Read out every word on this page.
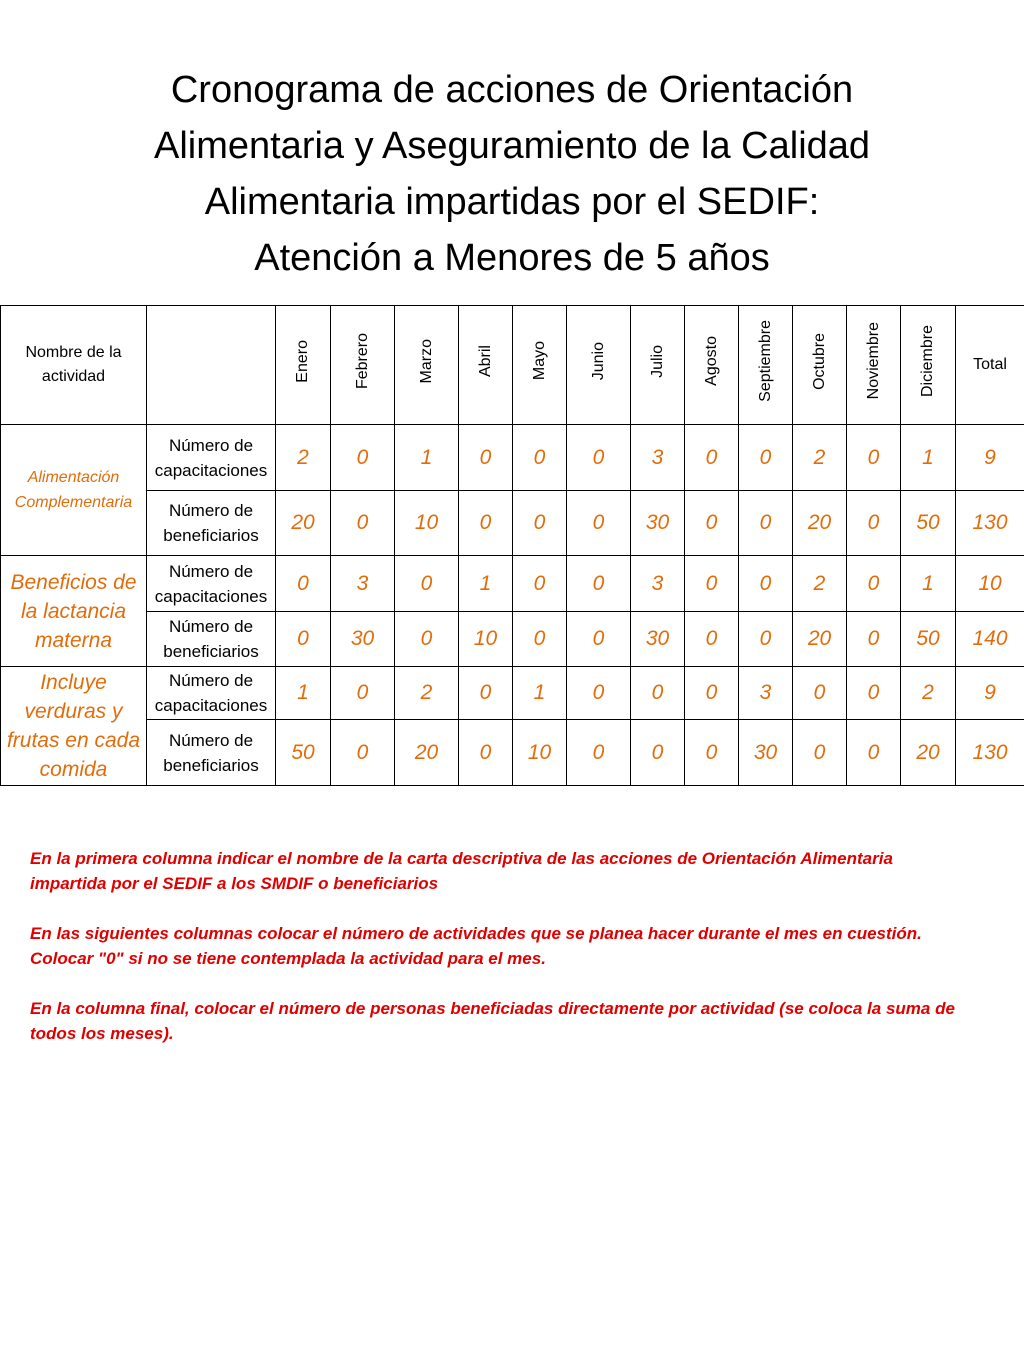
Cronograma de acciones de Orientación
Alimentaria y Aseguramiento de la Calidad
Alimentaria impartidas por el SEDIF:
Atención a Menores de 5 años
Nombre de la actividad		Enero	Febrero	Marzo	Abril	Mayo	Junio	Julio	Agosto	Septiembre	Octubre	Noviembre	Diciembre	Total
Alimentación Complementaria	Número de capacitaciones	2	0	1	0	0	0	3	0	0	2	0	1	9
	Número de beneficiarios	20	0	10	0	0	0	30	0	0	20	0	50	130
Beneficios de la lactancia materna	Número de capacitaciones	0	3	0	1	0	0	3	0	0	2	0	1	10
	Número de beneficiarios	0	30	0	10	0	0	30	0	0	20	0	50	140
Incluye verduras y frutas en cada comida	Número de capacitaciones	1	0	2	0	1	0	0	0	3	0	0	2	9
	Número de beneficiarios	50	0	20	0	10	0	0	0	30	0	0	20	130

En la primera columna indicar el nombre de la carta descriptiva de las acciones de Orientación Alimentaria impartida por el SEDIF a los SMDIF o beneficiarios

En las siguientes columnas colocar el número de actividades que se planea hacer durante el mes en cuestión. Colocar "0" si no se tiene contemplada la actividad para el mes.

En la columna final, colocar el número de personas beneficiadas directamente por actividad (se coloca la suma de todos los meses).
